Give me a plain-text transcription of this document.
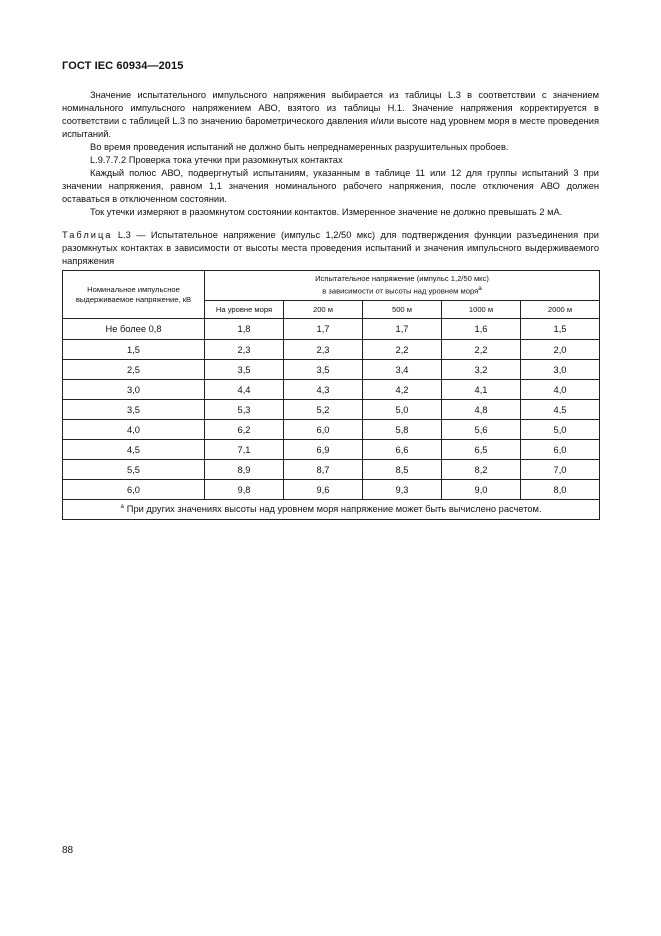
ГОСТ IEC 60934—2015

Значение испытательного импульсного напряжения выбирается из таблицы L.3 в соответствии с значением номинального импульсного напряжением АВО, взятого из таблицы Н.1. Значение напряжения корректируется в соответствии с таблицей L.3 по значению барометрического давления и/или высоте над уровнем моря в месте проведения испытаний.

Во время проведения испытаний не должно быть непреднамеренных разрушительных пробоев.

L.9.7.7.2 Проверка тока утечки при разомкнутых контактах

Каждый полюс АВО, подвергнутый испытаниям, указанным в таблице 11 или 12 для группы испытаний 3 при значении напряжения, равном 1,1 значения номинального рабочего напряжения, после отключения АВО должен оставаться в отключенном состоянии.

Ток утечки измеряют в разомкнутом состоянии контактов. Измеренное значение не должно превышать 2 мА.

Таблица L.3 — Испытательное напряжение (импульс 1,2/50 мкс) для подтверждения функции разъединения при разомкнутых контактах в зависимости от высоты места проведения испытаний и значения импульсного выдерживаемого напряжения

Номинальное импульсное выдерживаемое напряжение, кВ	Испытательное напряжение (импульс 1,2/50 мкс)
в зависимости от высоты над уровнем моря$^a$
	На уровне моря	200 м	500 м	1000 м	2000 м
Не более 0,8	1,8	1,7	1,7	1,6	1,5
1,5	2,3	2,3	2,2	2,2	2,0
2,5	3,5	3,5	3,4	3,2	3,0
3,0	4,4	4,3	4,2	4,1	4,0
3,5	5,3	5,2	5,0	4,8	4,5
4,0	6,2	6,0	5,8	5,6	5,0
4,5	7,1	6,9	6,6	6,5	6,0
5,5	8,9	8,7	8,5	8,2	7,0
6,0	9,8	9,6	9,3	9,0	8,0
$^a$ При других значениях высоты над уровнем моря напряжение может быть вычислено расчетом.					
88
